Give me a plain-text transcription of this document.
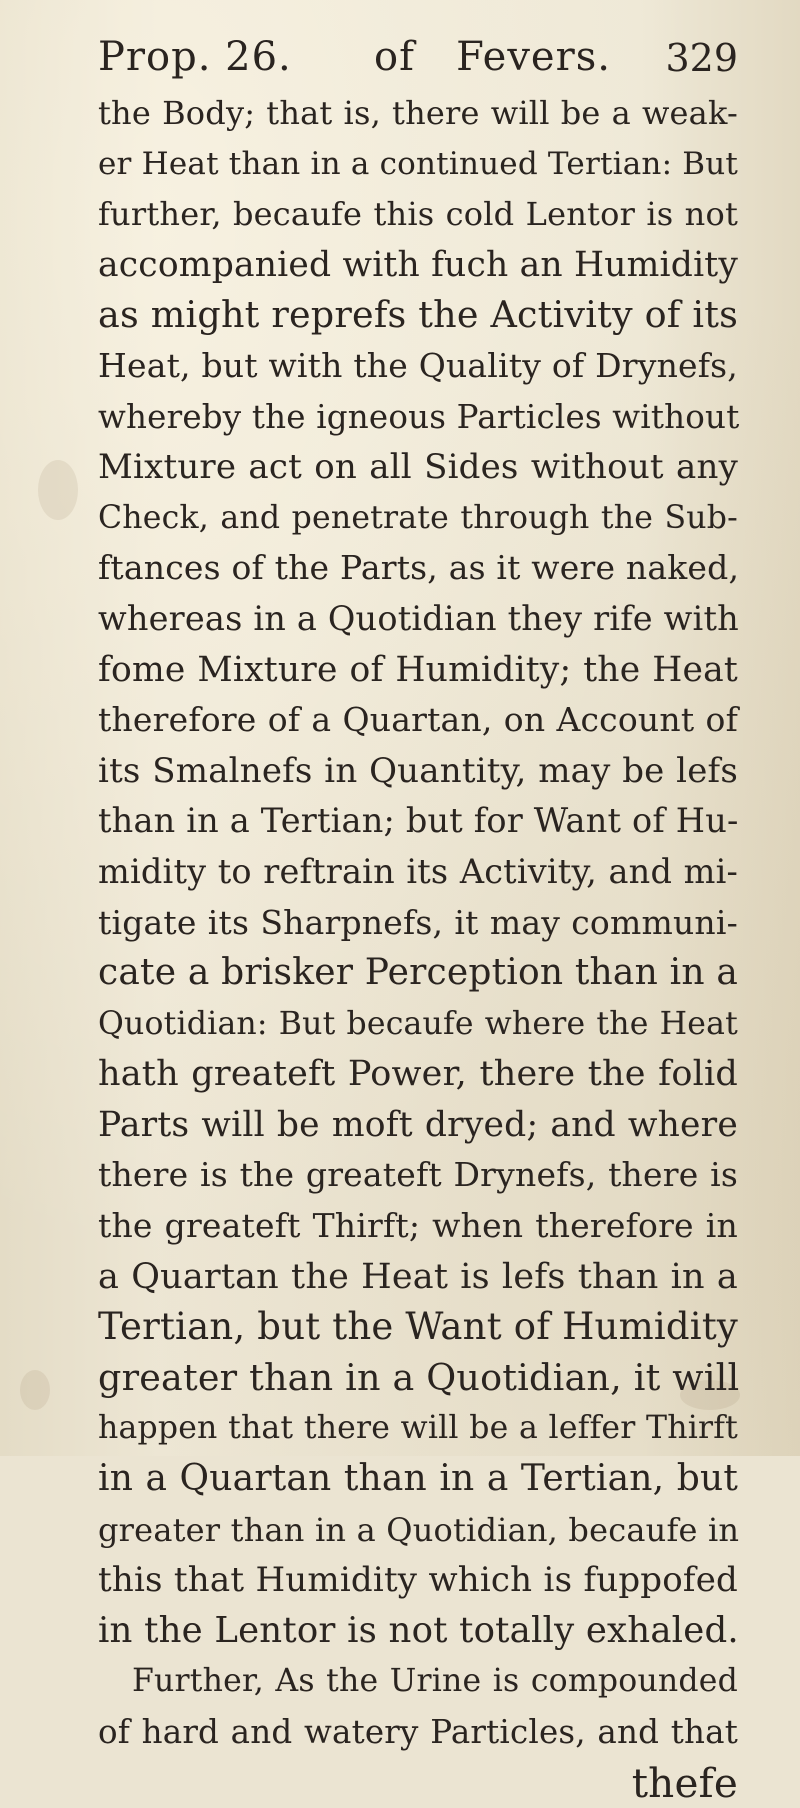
Prop. 26.      of   Fevers. 329
the Body; that is, there will be a weak-
er Heat than in a continued Tertian: But
further, becaufe this cold Lentor is not
accompanied with fuch an Humidity
as might reprefs the Activity of its
Heat, but with the Quality of Drynefs,
whereby the igneous Particles without
Mixture act on all Sides without any
Check, and penetrate through the Sub-
ftances of the Parts, as it were naked,
whereas in a Quotidian they rife with
fome Mixture of Humidity; the Heat
therefore of a Quartan, on Account of
its Smalnefs in Quantity, may be lefs
than in a Tertian; but for Want of Hu-
midity to reftrain its Activity, and mi-
tigate its Sharpnefs, it may communi-
cate a brisker Perception than in a
Quotidian: But becaufe where the Heat
hath greateft Power, there the folid
Parts will be moft dryed; and where
there is the greateft Drynefs, there is
the greateft Thirft; when therefore in
a Quartan the Heat is lefs than in a
Tertian, but the Want of Humidity
greater than in a Quotidian, it will
happen that there will be a leffer Thirft
in a Quartan than in a Tertian, but
greater than in a Quotidian, becaufe in
this that Humidity which is fuppofed
in the Lentor is not totally exhaled.
Further, As the Urine is compounded
of hard and watery Particles, and that
thefe
